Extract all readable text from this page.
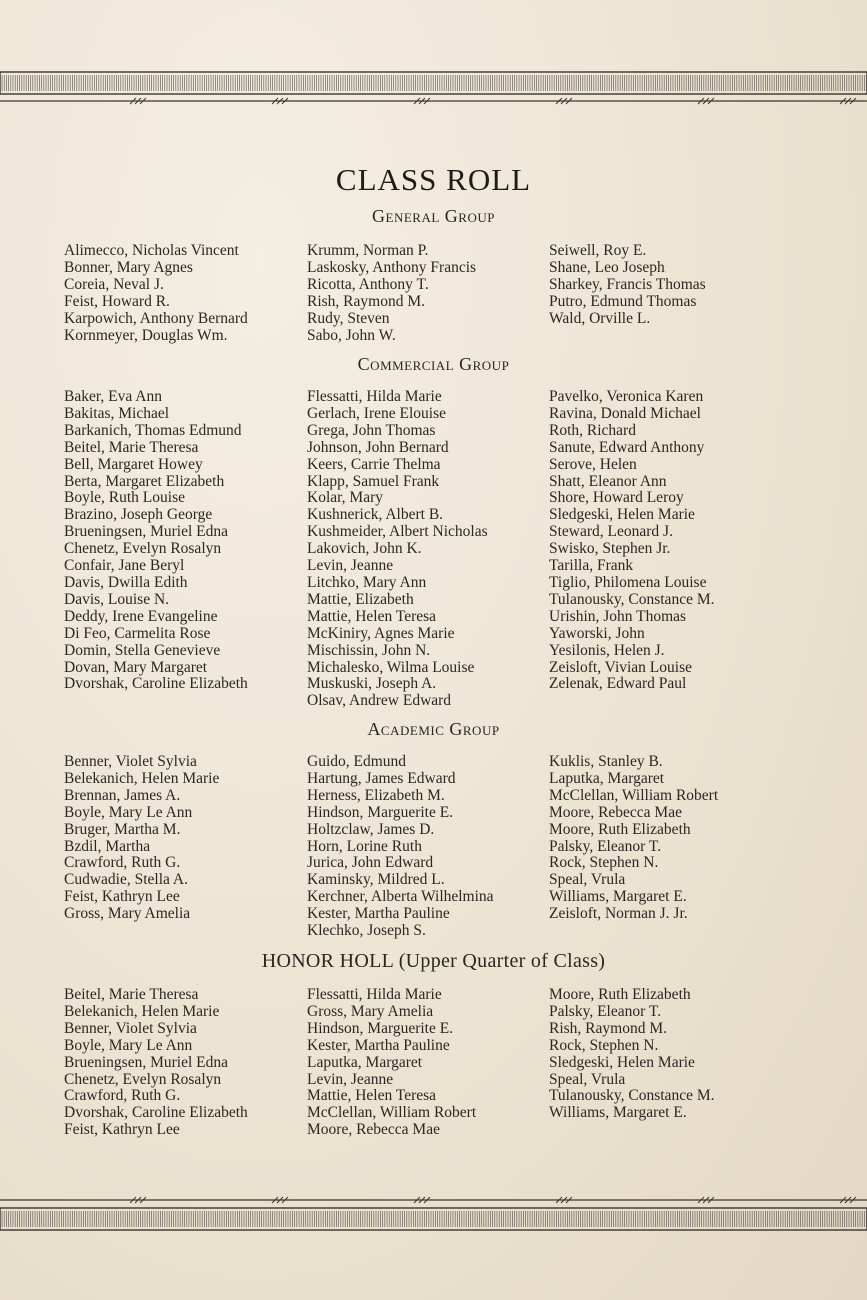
CLASS ROLL
General Group
Alimecco, Nicholas Vincent
Bonner, Mary Agnes
Coreia, Neval J.
Feist, Howard R.
Karpowich, Anthony Bernard
Kornmeyer, Douglas Wm.
Krumm, Norman P.
Laskosky, Anthony Francis
Ricotta, Anthony T.
Rish, Raymond M.
Rudy, Steven
Sabo, John W.
Seiwell, Roy E.
Shane, Leo Joseph
Sharkey, Francis Thomas
Putro, Edmund Thomas
Wald, Orville L.
Commercial Group
Baker, Eva Ann
Bakitas, Michael
Barkanich, Thomas Edmund
Beitel, Marie Theresa
Bell, Margaret Howey
Berta, Margaret Elizabeth
Boyle, Ruth Louise
Brazino, Joseph George
Brueningsen, Muriel Edna
Chenetz, Evelyn Rosalyn
Confair, Jane Beryl
Davis, Dwilla Edith
Davis, Louise N.
Deddy, Irene Evangeline
Di Feo, Carmelita Rose
Domin, Stella Genevieve
Dovan, Mary Margaret
Dvorshak, Caroline Elizabeth
Flessatti, Hilda Marie
Gerlach, Irene Elouise
Grega, John Thomas
Johnson, John Bernard
Keers, Carrie Thelma
Klapp, Samuel Frank
Kolar, Mary
Kushnerick, Albert B.
Kushmeider, Albert Nicholas
Lakovich, John K.
Levin, Jeanne
Litchko, Mary Ann
Mattie, Elizabeth
Mattie, Helen Teresa
McKiniry, Agnes Marie
Mischissin, John N.
Michalesko, Wilma Louise
Muskuski, Joseph A.
Olsav, Andrew Edward
Pavelko, Veronica Karen
Ravina, Donald Michael
Roth, Richard
Sanute, Edward Anthony
Serove, Helen
Shatt, Eleanor Ann
Shore, Howard Leroy
Sledgeski, Helen Marie
Steward, Leonard J.
Swisko, Stephen Jr.
Tarilla, Frank
Tiglio, Philomena Louise
Tulanousky, Constance M.
Urishin, John Thomas
Yaworski, John
Yesilonis, Helen J.
Zeisloft, Vivian Louise
Zelenak, Edward Paul
Academic Group
Benner, Violet Sylvia
Belekanich, Helen Marie
Brennan, James A.
Boyle, Mary Le Ann
Bruger, Martha M.
Bzdil, Martha
Crawford, Ruth G.
Cudwadie, Stella A.
Feist, Kathryn Lee
Gross, Mary Amelia
Guido, Edmund
Hartung, James Edward
Herness, Elizabeth M.
Hindson, Marguerite E.
Holtzclaw, James D.
Horn, Lorine Ruth
Jurica, John Edward
Kaminsky, Mildred L.
Kerchner, Alberta Wilhelmina
Kester, Martha Pauline
Klechko, Joseph S.
Kuklis, Stanley B.
Laputka, Margaret
McClellan, William Robert
Moore, Rebecca Mae
Moore, Ruth Elizabeth
Palsky, Eleanor T.
Rock, Stephen N.
Speal, Vrula
Williams, Margaret E.
Zeisloft, Norman J. Jr.
HONOR HOLL (Upper Quarter of Class)
Beitel, Marie Theresa
Belekanich, Helen Marie
Benner, Violet Sylvia
Boyle, Mary Le Ann
Brueningsen, Muriel Edna
Chenetz, Evelyn Rosalyn
Crawford, Ruth G.
Dvorshak, Caroline Elizabeth
Feist, Kathryn Lee
Flessatti, Hilda Marie
Gross, Mary Amelia
Hindson, Marguerite E.
Kester, Martha Pauline
Laputka, Margaret
Levin, Jeanne
Mattie, Helen Teresa
McClellan, William Robert
Moore, Rebecca Mae
Moore, Ruth Elizabeth
Palsky, Eleanor T.
Rish, Raymond M.
Rock, Stephen N.
Sledgeski, Helen Marie
Speal, Vrula
Tulanousky, Constance M.
Williams, Margaret E.
